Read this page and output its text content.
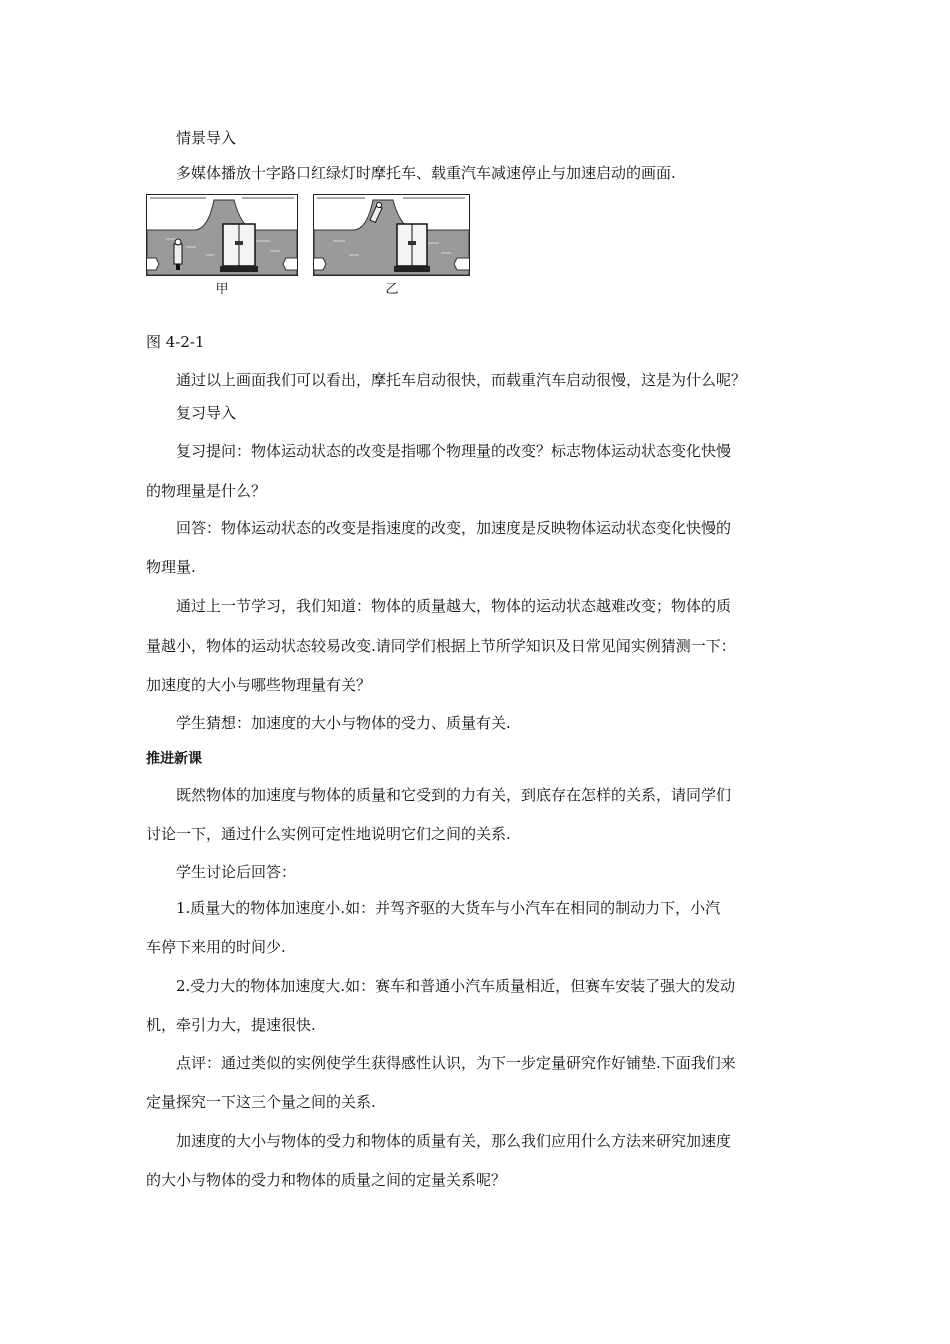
情景导入
多媒体播放十字路口红绿灯时摩托车、载重汽车减速停止与加速启动的画面.
甲	乙
图 4-2-1
通过以上画面我们可以看出，摩托车启动很快，而载重汽车启动很慢，这是为什么呢？
复习导入
复习提问：物体运动状态的改变是指哪个物理量的改变？标志物体运动状态变化快慢
的物理量是什么？
回答：物体运动状态的改变是指速度的改变，加速度是反映物体运动状态变化快慢的
物理量.
通过上一节学习，我们知道：物体的质量越大，物体的运动状态越难改变；物体的质
量越小，物体的运动状态较易改变.请同学们根据上节所学知识及日常见闻实例猜测一下：
加速度的大小与哪些物理量有关？
学生猜想：加速度的大小与物体的受力、质量有关.
推进新课
既然物体的加速度与物体的质量和它受到的力有关，到底存在怎样的关系，请同学们
讨论一下，通过什么实例可定性地说明它们之间的关系.
学生讨论后回答：
1.质量大的物体加速度小.如：并驾齐驱的大货车与小汽车在相同的制动力下，小汽
车停下来用的时间少.
2.受力大的物体加速度大.如：赛车和普通小汽车质量相近，但赛车安装了强大的发动
机，牵引力大，提速很快.
点评：通过类似的实例使学生获得感性认识，为下一步定量研究作好铺垫.下面我们来
定量探究一下这三个量之间的关系.
加速度的大小与物体的受力和物体的质量有关，那么我们应用什么方法来研究加速度
的大小与物体的受力和物体的质量之间的定量关系呢？
